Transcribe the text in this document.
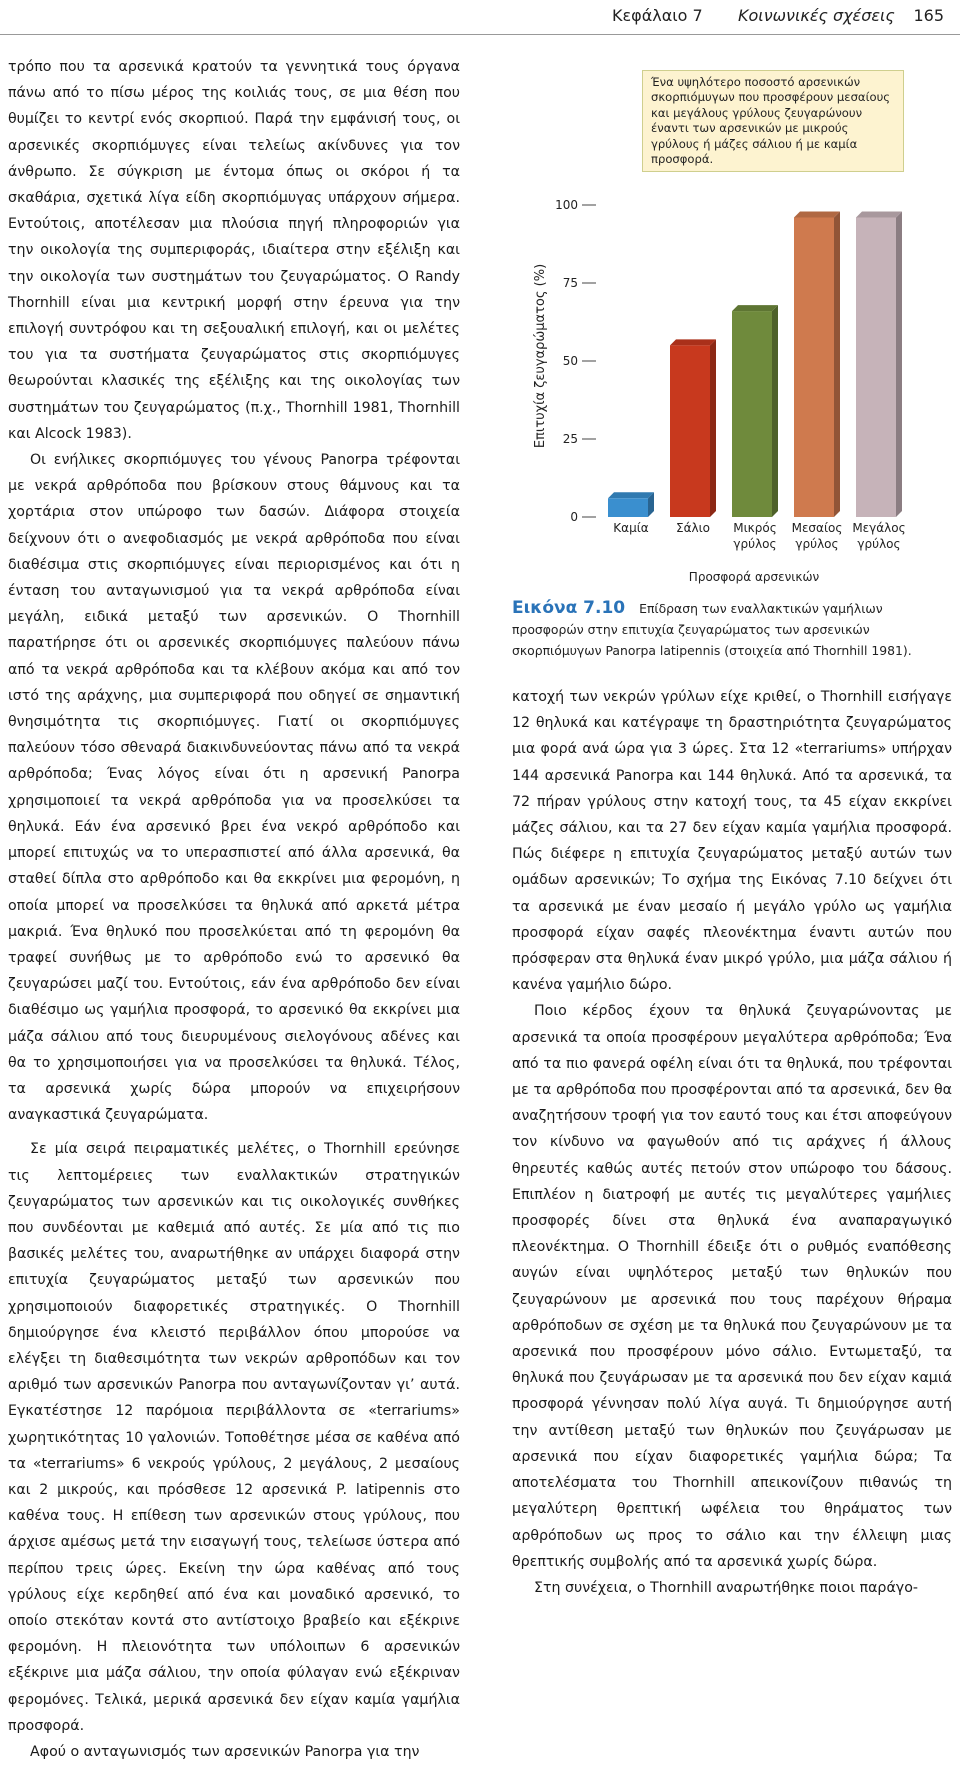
Κεφάλαιο 7 Κοινωνικές σχέσεις 165

τρόπο που τα αρσενικά κρατούν τα γεννητικά τους όργανα πάνω από το πίσω μέρος της κοιλιάς τους, σε μια θέση που θυμίζει το κεντρί ενός σκορπιού. Παρά την εμφάνισή τους, οι αρσενικές σκορπιόμυγες είναι τελείως ακίνδυνες για τον άνθρωπο. Σε σύγκριση με έντομα όπως οι σκόροι ή τα σκαθάρια, σχετικά λίγα είδη σκορπιόμυγας υπάρχουν σήμερα. Εντούτοις, αποτέλεσαν μια πλούσια πηγή πληροφοριών για την οικολογία της συμπεριφοράς, ιδιαίτερα στην εξέλιξη και την οικολογία των συστημάτων του ζευγαρώματος. Ο Randy Thornhill είναι μια κεντρική μορφή στην έρευνα για την επιλογή συντρόφου και τη σεξουαλική επιλογή, και οι μελέτες του για τα συστήματα ζευγαρώματος στις σκορπιόμυγες θεωρούνται κλασικές της εξέλιξης και της οικολογίας των συστημάτων του ζευγαρώματος (π.χ., Thornhill 1981, Thornhill και Alcock 1983).

Οι ενήλικες σκορπιόμυγες του γένους Panorpa τρέφονται με νεκρά αρθρόποδα που βρίσκουν στους θάμνους και τα χορτάρια στον υπώροφο των δασών. Διάφορα στοιχεία δείχνουν ότι ο ανεφοδιασμός με νεκρά αρθρόποδα που είναι διαθέσιμα στις σκορπιόμυγες είναι περιορισμένος και ότι η ένταση του ανταγωνισμού για τα νεκρά αρθρόποδα είναι μεγάλη, ειδικά μεταξύ των αρσενικών. Ο Thornhill παρατήρησε ότι οι αρσενικές σκορπιόμυγες παλεύουν πάνω από τα νεκρά αρθρόποδα και τα κλέβουν ακόμα και από τον ιστό της αράχνης, μια συμπεριφορά που οδηγεί σε σημαντική θνησιμότητα τις σκορπιόμυγες. Γιατί οι σκορπιόμυγες παλεύουν τόσο σθεναρά διακινδυνεύοντας πάνω από τα νεκρά αρθρόποδα; Ένας λόγος είναι ότι η αρσενική Panorpa χρησιμοποιεί τα νεκρά αρθρόποδα για να προσελκύσει τα θηλυκά. Εάν ένα αρσενικό βρει ένα νεκρό αρθρόποδο και μπορεί επιτυχώς να το υπερασπιστεί από άλλα αρσενικά, θα σταθεί δίπλα στο αρθρόποδο και θα εκκρίνει μια φερομόνη, η οποία μπορεί να προσελκύσει τα θηλυκά από αρκετά μέτρα μακριά. Ένα θηλυκό που προσελκύεται από τη φερομόνη θα τραφεί συνήθως με το αρθρόποδο ενώ το αρσενικό θα ζευγαρώσει μαζί του. Εντούτοις, εάν ένα αρθρόποδο δεν είναι διαθέσιμο ως γαμήλια προσφορά, το αρσενικό θα εκκρίνει μια μάζα σάλιου από τους διευρυμένους σιελογόνους αδένες και θα το χρησιμοποιήσει για να προσελκύσει τα θηλυκά. Τέλος, τα αρσενικά χωρίς δώρα μπορούν να επιχειρήσουν αναγκαστικά ζευγαρώματα.

Σε μία σειρά πειραματικές μελέτες, ο Thornhill ερεύνησε τις λεπτομέρειες των εναλλακτικών στρατηγικών ζευγαρώματος των αρσενικών και τις οικολογικές συνθήκες που συνδέονται με καθεμιά από αυτές. Σε μία από τις πιο βασικές μελέτες του, αναρωτήθηκε αν υπάρχει διαφορά στην επιτυχία ζευγαρώματος μεταξύ των αρσενικών που χρησιμοποιούν διαφορετικές στρατηγικές. Ο Thornhill δημιούργησε ένα κλειστό περιβάλλον όπου μπορούσε να ελέγξει τη διαθεσιμότητα των νεκρών αρθροπόδων και τον αριθμό των αρσενικών Panorpa που ανταγωνίζονταν γι’ αυτά. Εγκατέστησε 12 παρόμοια περιβάλλοντα σε «terrariums» χωρητικότητας 10 γαλονιών. Τοποθέτησε μέσα σε καθένα από τα «terrariums» 6 νεκρούς γρύλους, 2 μεγάλους, 2 μεσαίους και 2 μικρούς, και πρόσθεσε 12 αρσενικά P. latipennis στο καθένα τους. Η επίθεση των αρσενικών στους γρύλους, που άρχισε αμέσως μετά την εισαγωγή τους, τελείωσε ύστερα από περίπου τρεις ώρες. Εκείνη την ώρα καθένας από τους γρύλους είχε κερδηθεί από ένα και μοναδικό αρσενικό, το οποίο στεκόταν κοντά στο αντίστοιχο βραβείο και εξέκρινε φερομόνη. Η πλειονότητα των υπόλοιπων 6 αρσενικών εξέκρινε μια μάζα σάλιου, την οποία φύλαγαν ενώ εξέκριναν φερομόνες. Τελικά, μερικά αρσενικά δεν είχαν καμία γαμήλια προσφορά.

Αφού ο ανταγωνισμός των αρσενικών Panorpa για την

Επιτυχία ζευγαρώματος (%)
0
25
50
75
100
Καμία Σάλιο Μικρός γρύλος
Μεσαίος γρύλος
Μεγάλος γρύλος
Προσφορά αρσενικών
Ένα υψηλότερο ποσοστό αρσενικών σκορπιόμυγων που προσφέρουν μεσαίους και μεγάλους γρύλους ζευγαρώνουν έναντι των αρσενικών με μικρούς γρύλους ή μάζες σάλιου ή με καμία προσφορά.
Εικόνα 7.10 Επίδραση των εναλλακτικών γαμήλιων προσφορών στην επιτυχία ζευγαρώματος των αρσενικών σκορπιόμυγων Panorpa latipennis (στοιχεία από Thornhill 1981).

κατοχή των νεκρών γρύλων είχε κριθεί, ο Thornhill εισήγαγε 12 θηλυκά και κατέγραψε τη δραστηριότητα ζευγαρώματος μια φορά ανά ώρα για 3 ώρες. Στα 12 «terrariums» υπήρχαν 144 αρσενικά Panorpa και 144 θηλυκά. Από τα αρσενικά, τα 72 πήραν γρύλους στην κατοχή τους, τα 45 είχαν εκκρίνει μάζες σάλιου, και τα 27 δεν είχαν καμία γαμήλια προσφορά. Πώς διέφερε η επιτυχία ζευγαρώματος μεταξύ αυτών των ομάδων αρσενικών; Το σχήμα της Εικόνας 7.10 δείχνει ότι τα αρσενικά με έναν μεσαίο ή μεγάλο γρύλο ως γαμήλια προσφορά είχαν σαφές πλεονέκτημα έναντι αυτών που πρόσφεραν στα θηλυκά έναν μικρό γρύλο, μια μάζα σάλιου ή κανένα γαμήλιο δώρο.

Ποιο κέρδος έχουν τα θηλυκά ζευγαρώνοντας με αρσενικά τα οποία προσφέρουν μεγαλύτερα αρθρόποδα; Ένα από τα πιο φανερά οφέλη είναι ότι τα θηλυκά, που τρέφονται με τα αρθρόποδα που προσφέρονται από τα αρσενικά, δεν θα αναζητήσουν τροφή για τον εαυτό τους και έτσι αποφεύγουν τον κίνδυνο να φαγωθούν από τις αράχνες ή άλλους θηρευτές καθώς αυτές πετούν στον υπώροφο του δάσους. Επιπλέον η διατροφή με αυτές τις μεγαλύτερες γαμήλιες προσφορές δίνει στα θηλυκά ένα αναπαραγωγικό πλεονέκτημα. Ο Thornhill έδειξε ότι ο ρυθμός εναπόθεσης αυγών είναι υψηλότερος μεταξύ των θηλυκών που ζευγαρώνουν με αρσενικά που τους παρέχουν θήραμα αρθρόποδων σε σχέση με τα θηλυκά που ζευγαρώνουν με τα αρσενικά που προσφέρουν μόνο σάλιο. Εντωμεταξύ, τα θηλυκά που ζευγάρωσαν με τα αρσενικά που δεν είχαν καμιά προσφορά γέννησαν πολύ λίγα αυγά. Τι δημιούργησε αυτή την αντίθεση μεταξύ των θηλυκών που ζευγάρωσαν με αρσενικά που είχαν διαφορετικές γαμήλια δώρα; Τα αποτελέσματα του Thornhill απεικονίζουν πιθανώς τη μεγαλύτερη θρεπτική ωφέλεια του θηράματος των αρθρόποδων ως προς το σάλιο και την έλλειψη μιας θρεπτικής συμβολής από τα αρσενικά χωρίς δώρα.

Στη συνέχεια, ο Thornhill αναρωτήθηκε ποιοι παράγο-
